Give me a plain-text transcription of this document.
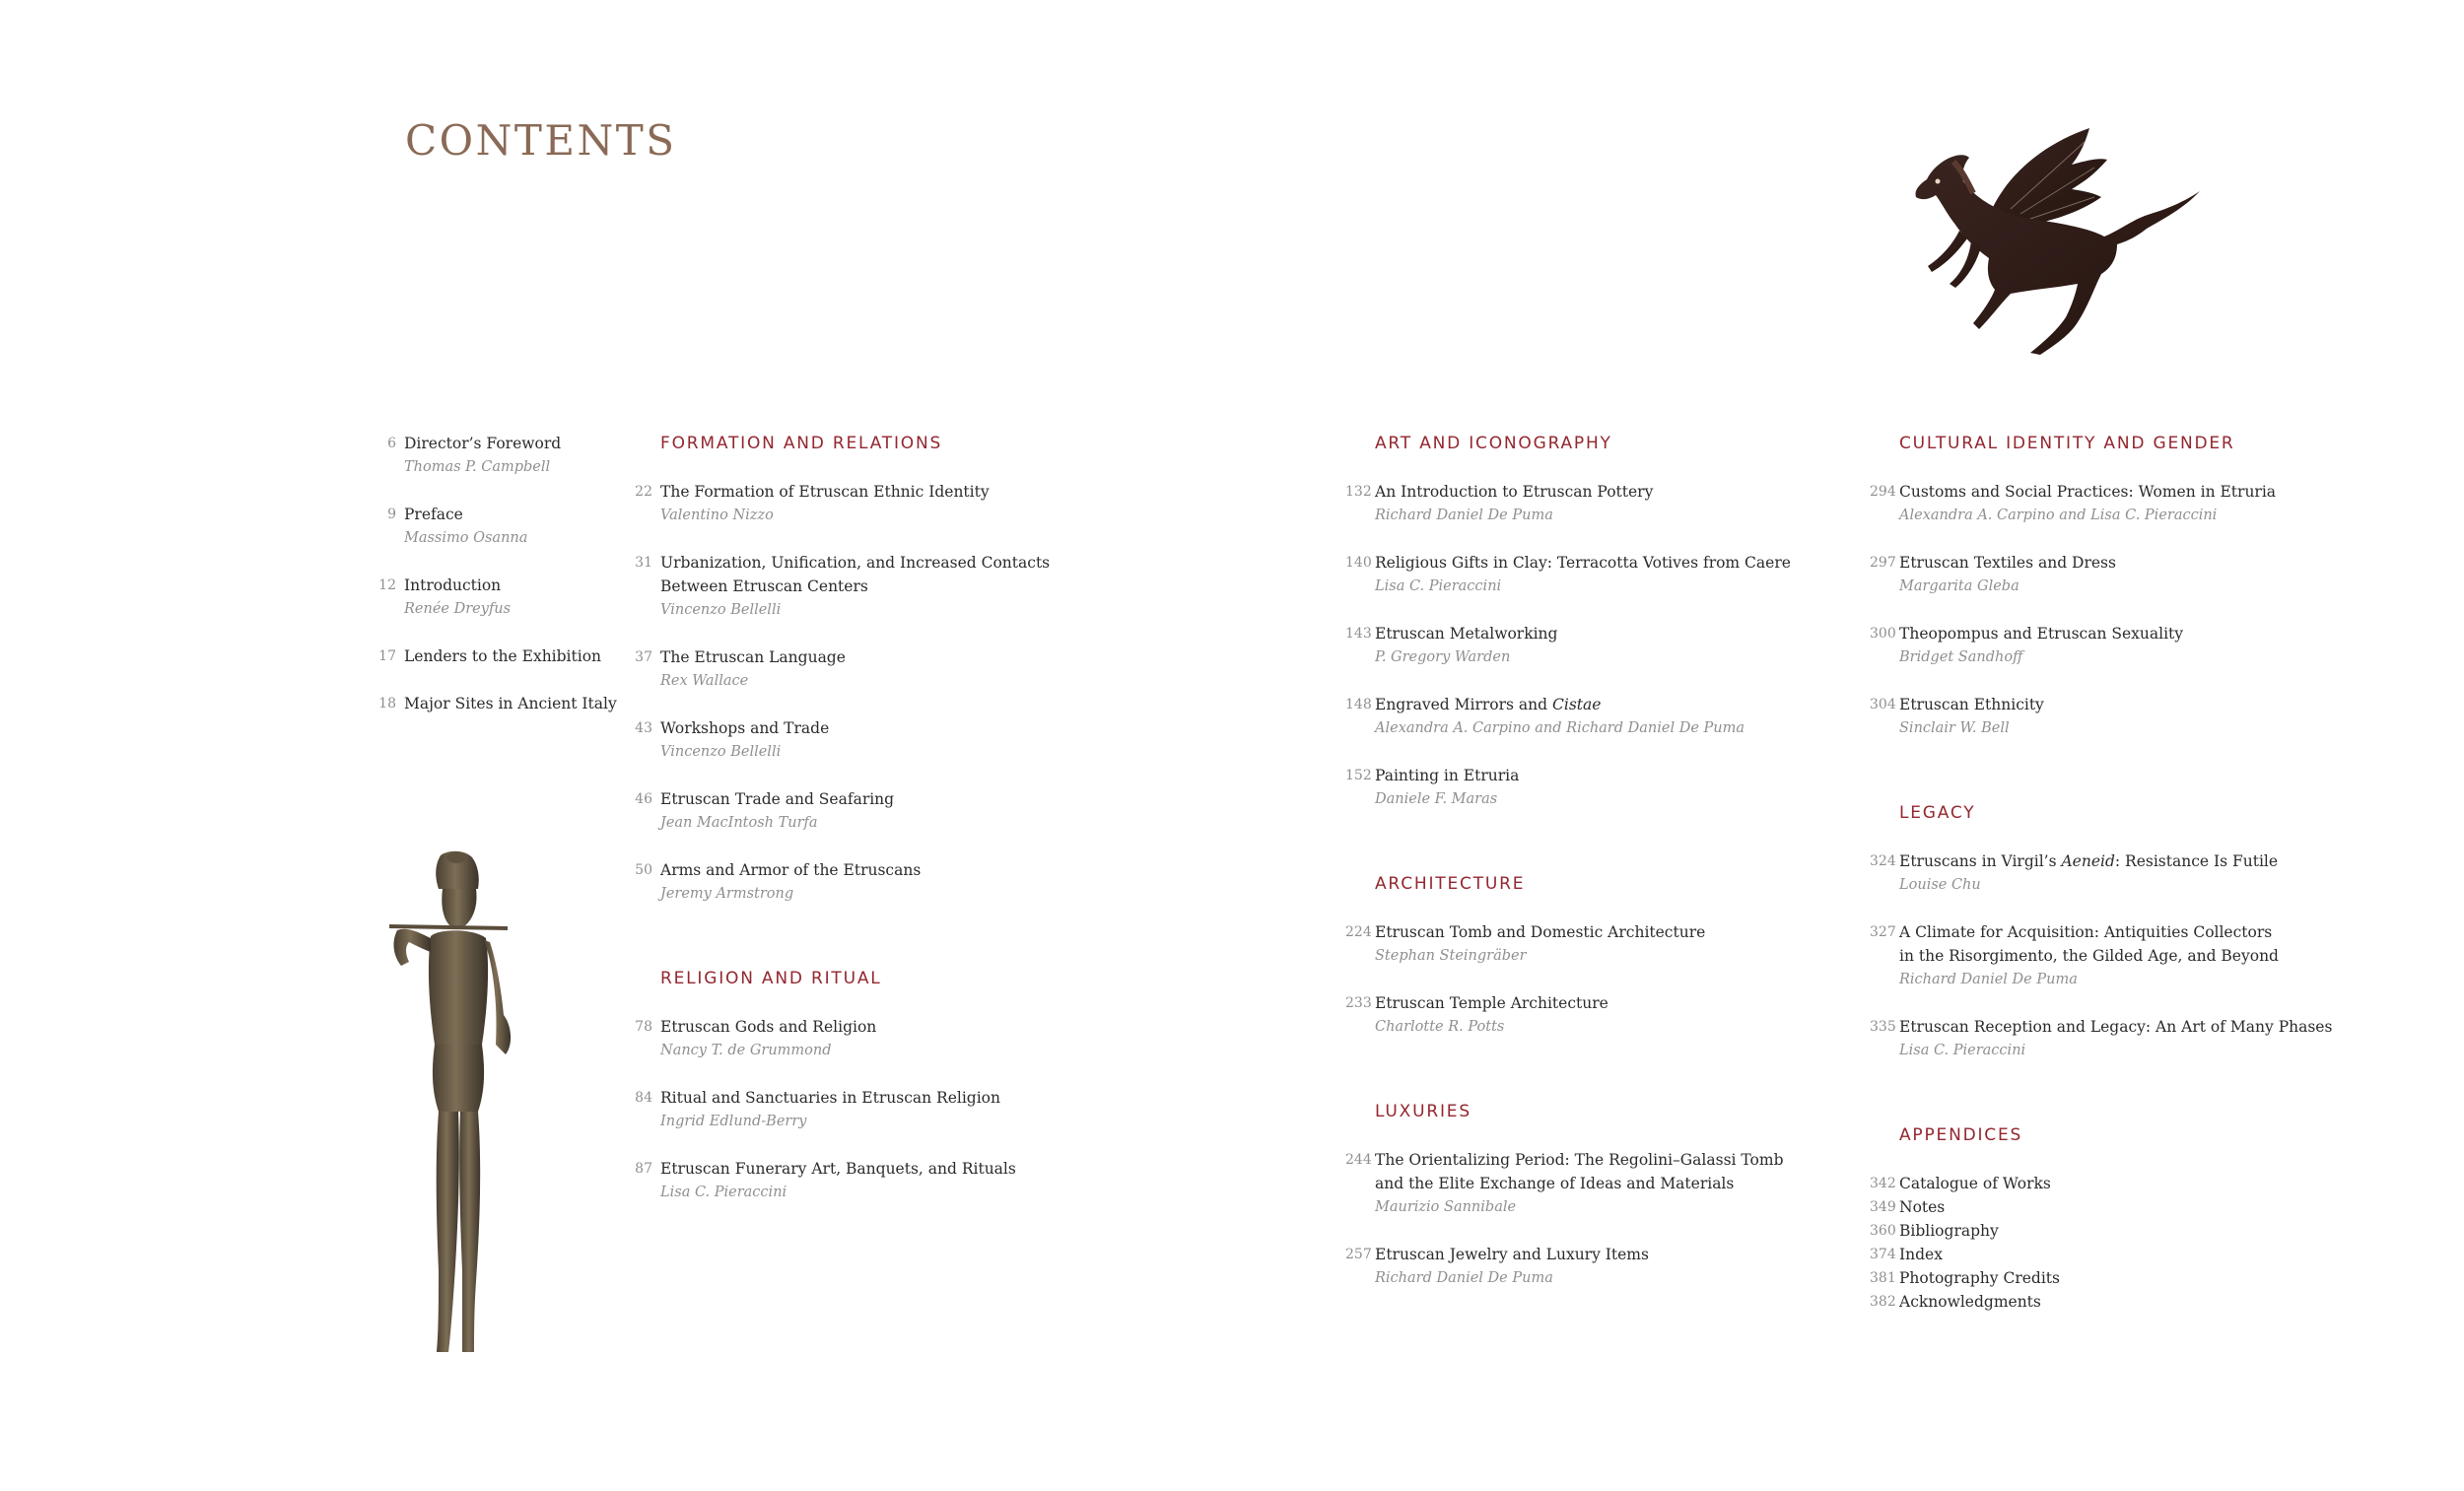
CONTENTS
6 Director’s Foreword
Thomas P. Campbell
9 Preface
Massimo Osanna
12 Introduction
Renée Dreyfus
17 Lenders to the Exhibition
18 Major Sites in Ancient Italy
FORMATION AND RELATIONS
22 The Formation of Etruscan Ethnic Identity
Valentino Nizzo
31 Urbanization, Unification, and Increased Contacts
Between Etruscan Centers
Vincenzo Bellelli
37 The Etruscan Language
Rex Wallace
43 Workshops and Trade
Vincenzo Bellelli
46 Etruscan Trade and Seafaring
Jean MacIntosh Turfa
50 Arms and Armor of the Etruscans
Jeremy Armstrong
RELIGION AND RITUAL
78 Etruscan Gods and Religion
Nancy T. de Grummond
84 Ritual and Sanctuaries in Etruscan Religion
Ingrid Edlund-Berry
87 Etruscan Funerary Art, Banquets, and Rituals
Lisa C. Pieraccini
ART AND ICONOGRAPHY
132 An Introduction to Etruscan Pottery
Richard Daniel De Puma
140 Religious Gifts in Clay: Terracotta Votives from Caere
Lisa C. Pieraccini
143 Etruscan Metalworking
P. Gregory Warden
148 Engraved Mirrors and Cistae
Alexandra A. Carpino and Richard Daniel De Puma
152 Painting in Etruria
Daniele F. Maras
ARCHITECTURE
224 Etruscan Tomb and Domestic Architecture
Stephan Steingräber
233 Etruscan Temple Architecture
Charlotte R. Potts
LUXURIES
244 The Orientalizing Period: The Regolini–Galassi Tomb
and the Elite Exchange of Ideas and Materials
Maurizio Sannibale
257 Etruscan Jewelry and Luxury Items
Richard Daniel De Puma
CULTURAL IDENTITY AND GENDER
294 Customs and Social Practices: Women in Etruria
Alexandra A. Carpino and Lisa C. Pieraccini
297 Etruscan Textiles and Dress
Margarita Gleba
300 Theopompus and Etruscan Sexuality
Bridget Sandhoff
304 Etruscan Ethnicity
Sinclair W. Bell
LEGACY
324 Etruscans in Virgil’s Aeneid: Resistance Is Futile
Louise Chu
327 A Climate for Acquisition: Antiquities Collectors
in the Risorgimento, the Gilded Age, and Beyond
Richard Daniel De Puma
335 Etruscan Reception and Legacy: An Art of Many Phases
Lisa C. Pieraccini
APPENDICES
342 Catalogue of Works
349 Notes
360 Bibliography
374 Index
381 Photography Credits
382 Acknowledgments
